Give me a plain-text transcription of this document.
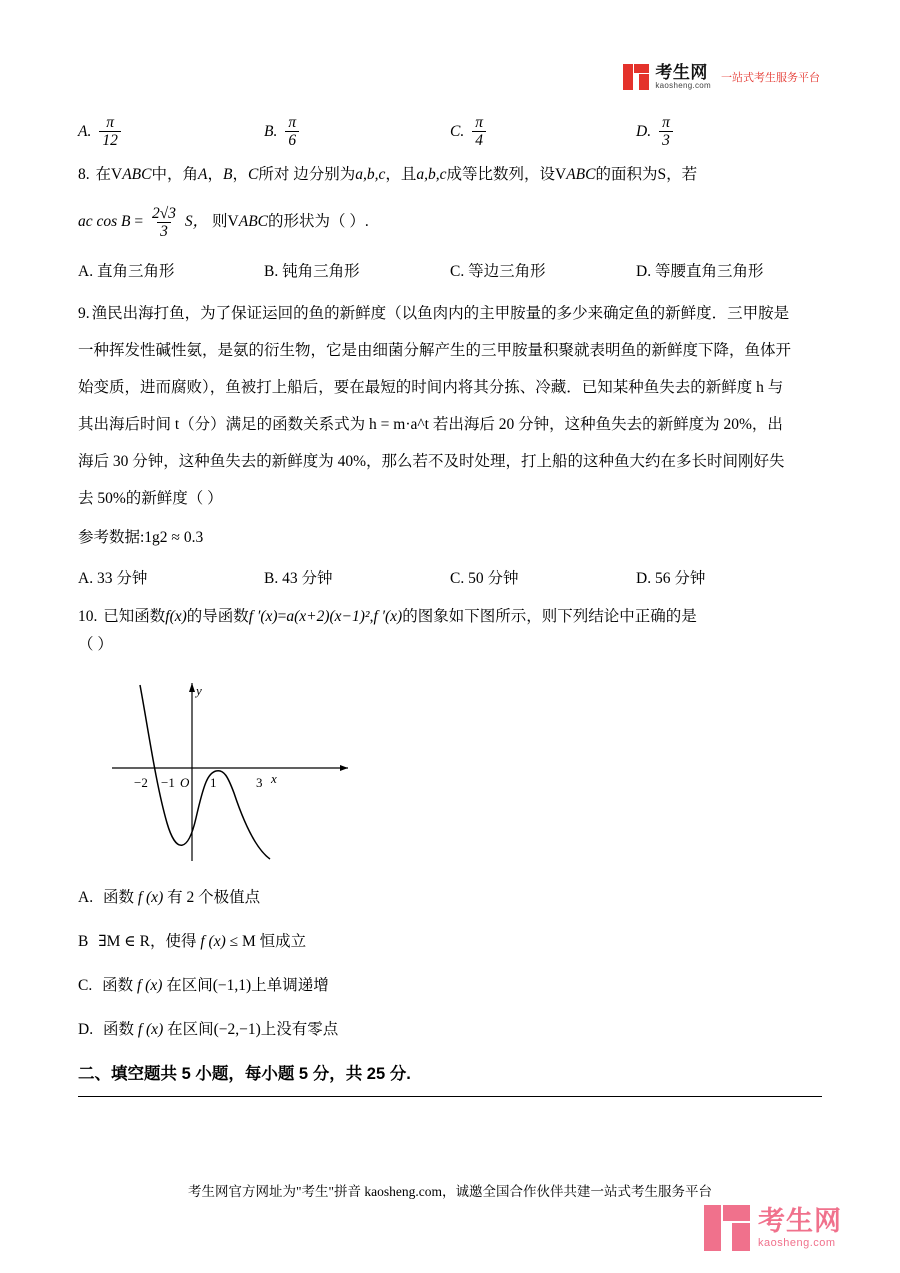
考生网
kaosheng.com
一站式考生服务平台
A. $\frac{\pi}{12}$	B. $\frac{\pi}{6}$	C. $\frac{\pi}{4}$	D. $\frac{\pi}{3}$
8. 在VABC中，角A，B，C所对 边分别为a,b,c，且a,b,c成等比数列，设VABC的面积为S，若
ac $\cos B = \frac{2√3}{3}$ S， 则VABC的形状为（ ）.
A. 直角三角形	B. 钝角三角形	C. 等边三角形	D. 等腰直角三角形
9. 渔民出海打鱼，为了保证运回的鱼的新鲜度（以鱼肉内的主甲胺量的多少来确定鱼的新鲜度．三甲胺是
一种挥发性碱性氨，是氨的衍生物，它是由细菌分解产生的三甲胺量积聚就表明鱼的新鲜度下降，鱼体开
始变质，进而腐败），鱼被打上船后，要在最短的时间内将其分拣、冷藏．已知某种鱼失去的新鲜度 h 与
其出海后时间 t（分）满足的函数关系式为 h = m·a^t 若出海后 20 分钟，这种鱼失去的新鲜度为 20%，出
海后 30 分钟，这种鱼失去的新鲜度为 40%，那么若不及时处理，打上船的这种鱼大约在多长时间刚好失
去 50%的新鲜度（ ）
参考数据:1g2 ≈ 0.3
A. 33 分钟	B. 43 分钟	C. 50 分钟	D. 56 分钟
10. 已知函数f(x)的导函数f ′(x)=a(x+2)(x−1)²,f ′(x)的图象如下图所示，则下列结论中正确的是
（ ）
−2 −1 O 1	3 x
y
A. 函数 f (x) 有 2 个极值点
B ∃M ∈ R，使得 f (x) ≤ M 恒成立
C. 函数 f (x) 在区间(−1,1)上单调递增
D. 函数 f (x) 在区间(−2,−1)上没有零点
二、填空题共 5 小题，每小题 5 分，共 25 分.
考生网官方网址为"考生"拼音 kaosheng.com，诚邀全国合作伙伴共建一站式考生服务平台
考生网
kaosheng.com
